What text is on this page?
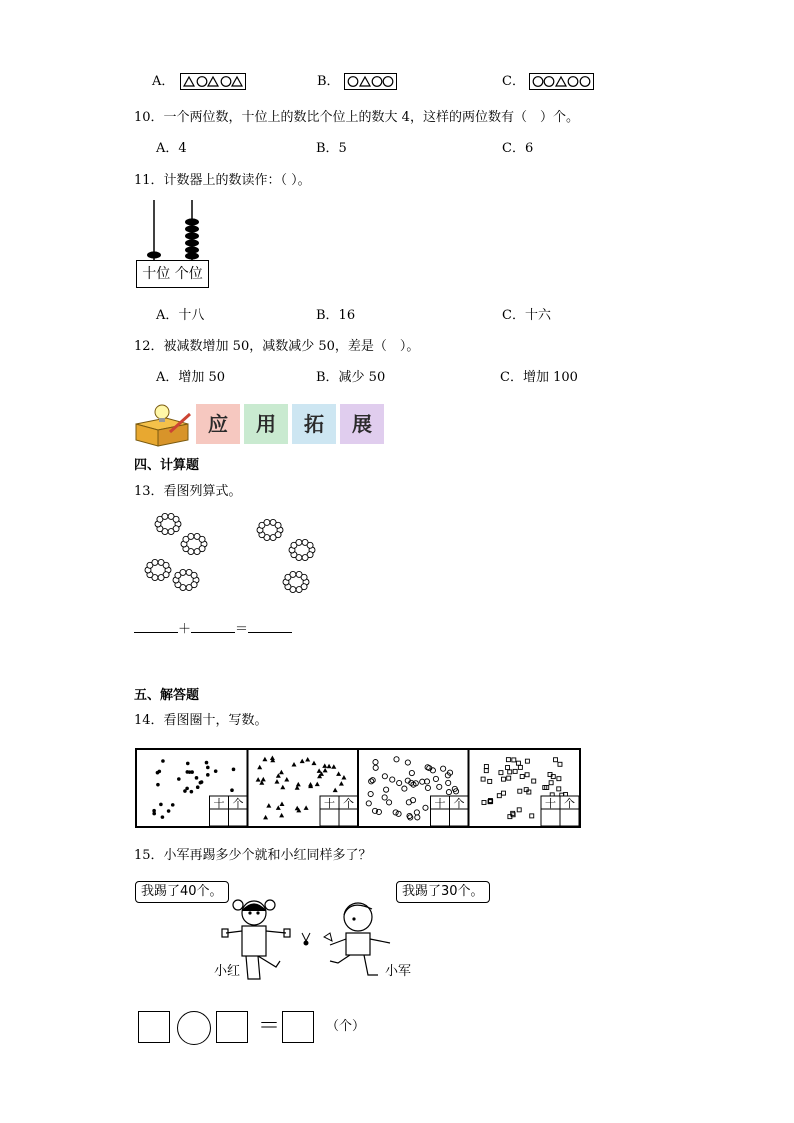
A．	B．	C．
10．一个两位数，十位上的数比个位上的数大 4，这样的两位数有（　）个。
A．4	B．5	C．6
11．计数器上的数读作：（ ）。
十位 个位
A．十八	B．16	C．十六
12．被减数增加 50，减数减少 50，差是（　）。
A．增加 50	B．减少 50	C．增加 100
应	用	拓	展
四、计算题
13．看图列算式。
＋	＝
五、解答题
14．看图圈十，写数。
十 个	十 个	十 个	十 个
15．小军再踢多少个就和小红同样多了？
我踢了40个。	我踢了30个。
小红	小军
＝	（个）
